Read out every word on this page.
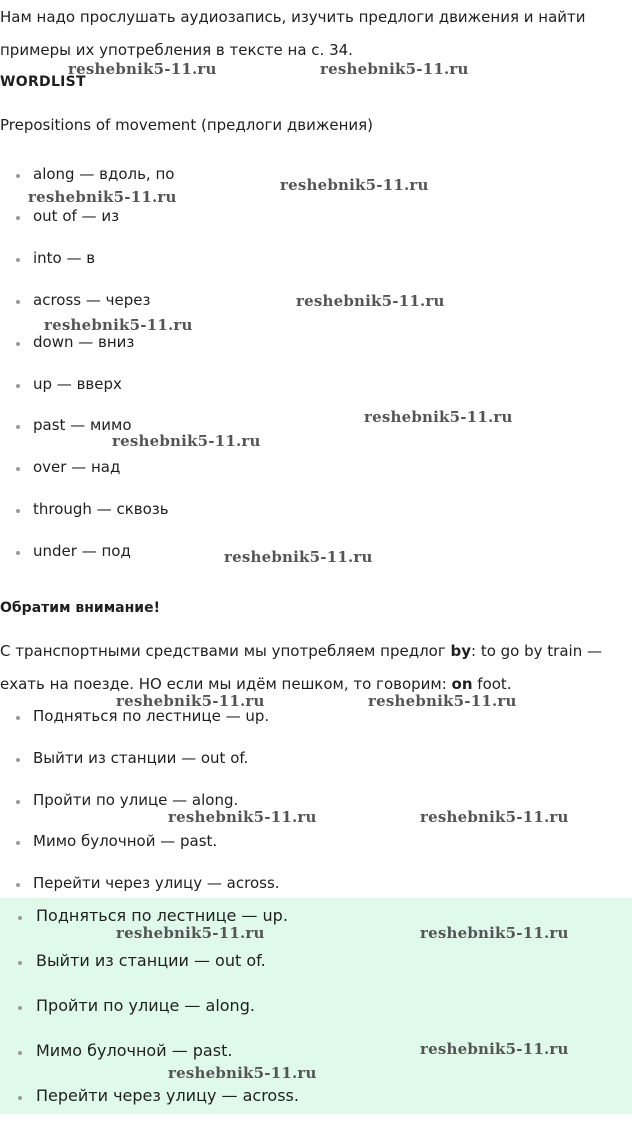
Нам надо прослушать аудиозапись, изучить предлоги движения и найти
примеры их употребления в тексте на с. 34.
WORDLIST
Prepositions of movement (предлоги движения)
along — вдоль, по
out of — из
into — в
across — через
down — вниз
up — вверх
past — мимо
over — над
through — сквозь
under — под
Обратим внимание!
С транспортными средствами мы употребляем предлог by: to go by train —
ехать на поезде. НО если мы идём пешком, то говорим: on foot.
Подняться по лестнице — up.
Выйти из станции — out of.
Пройти по улице — along.
Мимо булочной — past.
Перейти через улицу — across.
Подняться по лестнице — up.
Выйти из станции — out of.
Пройти по улице — along.
Мимо булочной — past.
Перейти через улицу — across.
reshebnik5-11.ru	reshebnik5-11.ru
reshebnik5-11.ru
reshebnik5-11.ru
reshebnik5-11.ru
reshebnik5-11.ru
reshebnik5-11.ru
reshebnik5-11.ru
reshebnik5-11.ru
reshebnik5-11.ru	reshebnik5-11.ru
reshebnik5-11.ru	reshebnik5-11.ru
reshebnik5-11.ru	reshebnik5-11.ru
reshebnik5-11.ru
reshebnik5-11.ru
